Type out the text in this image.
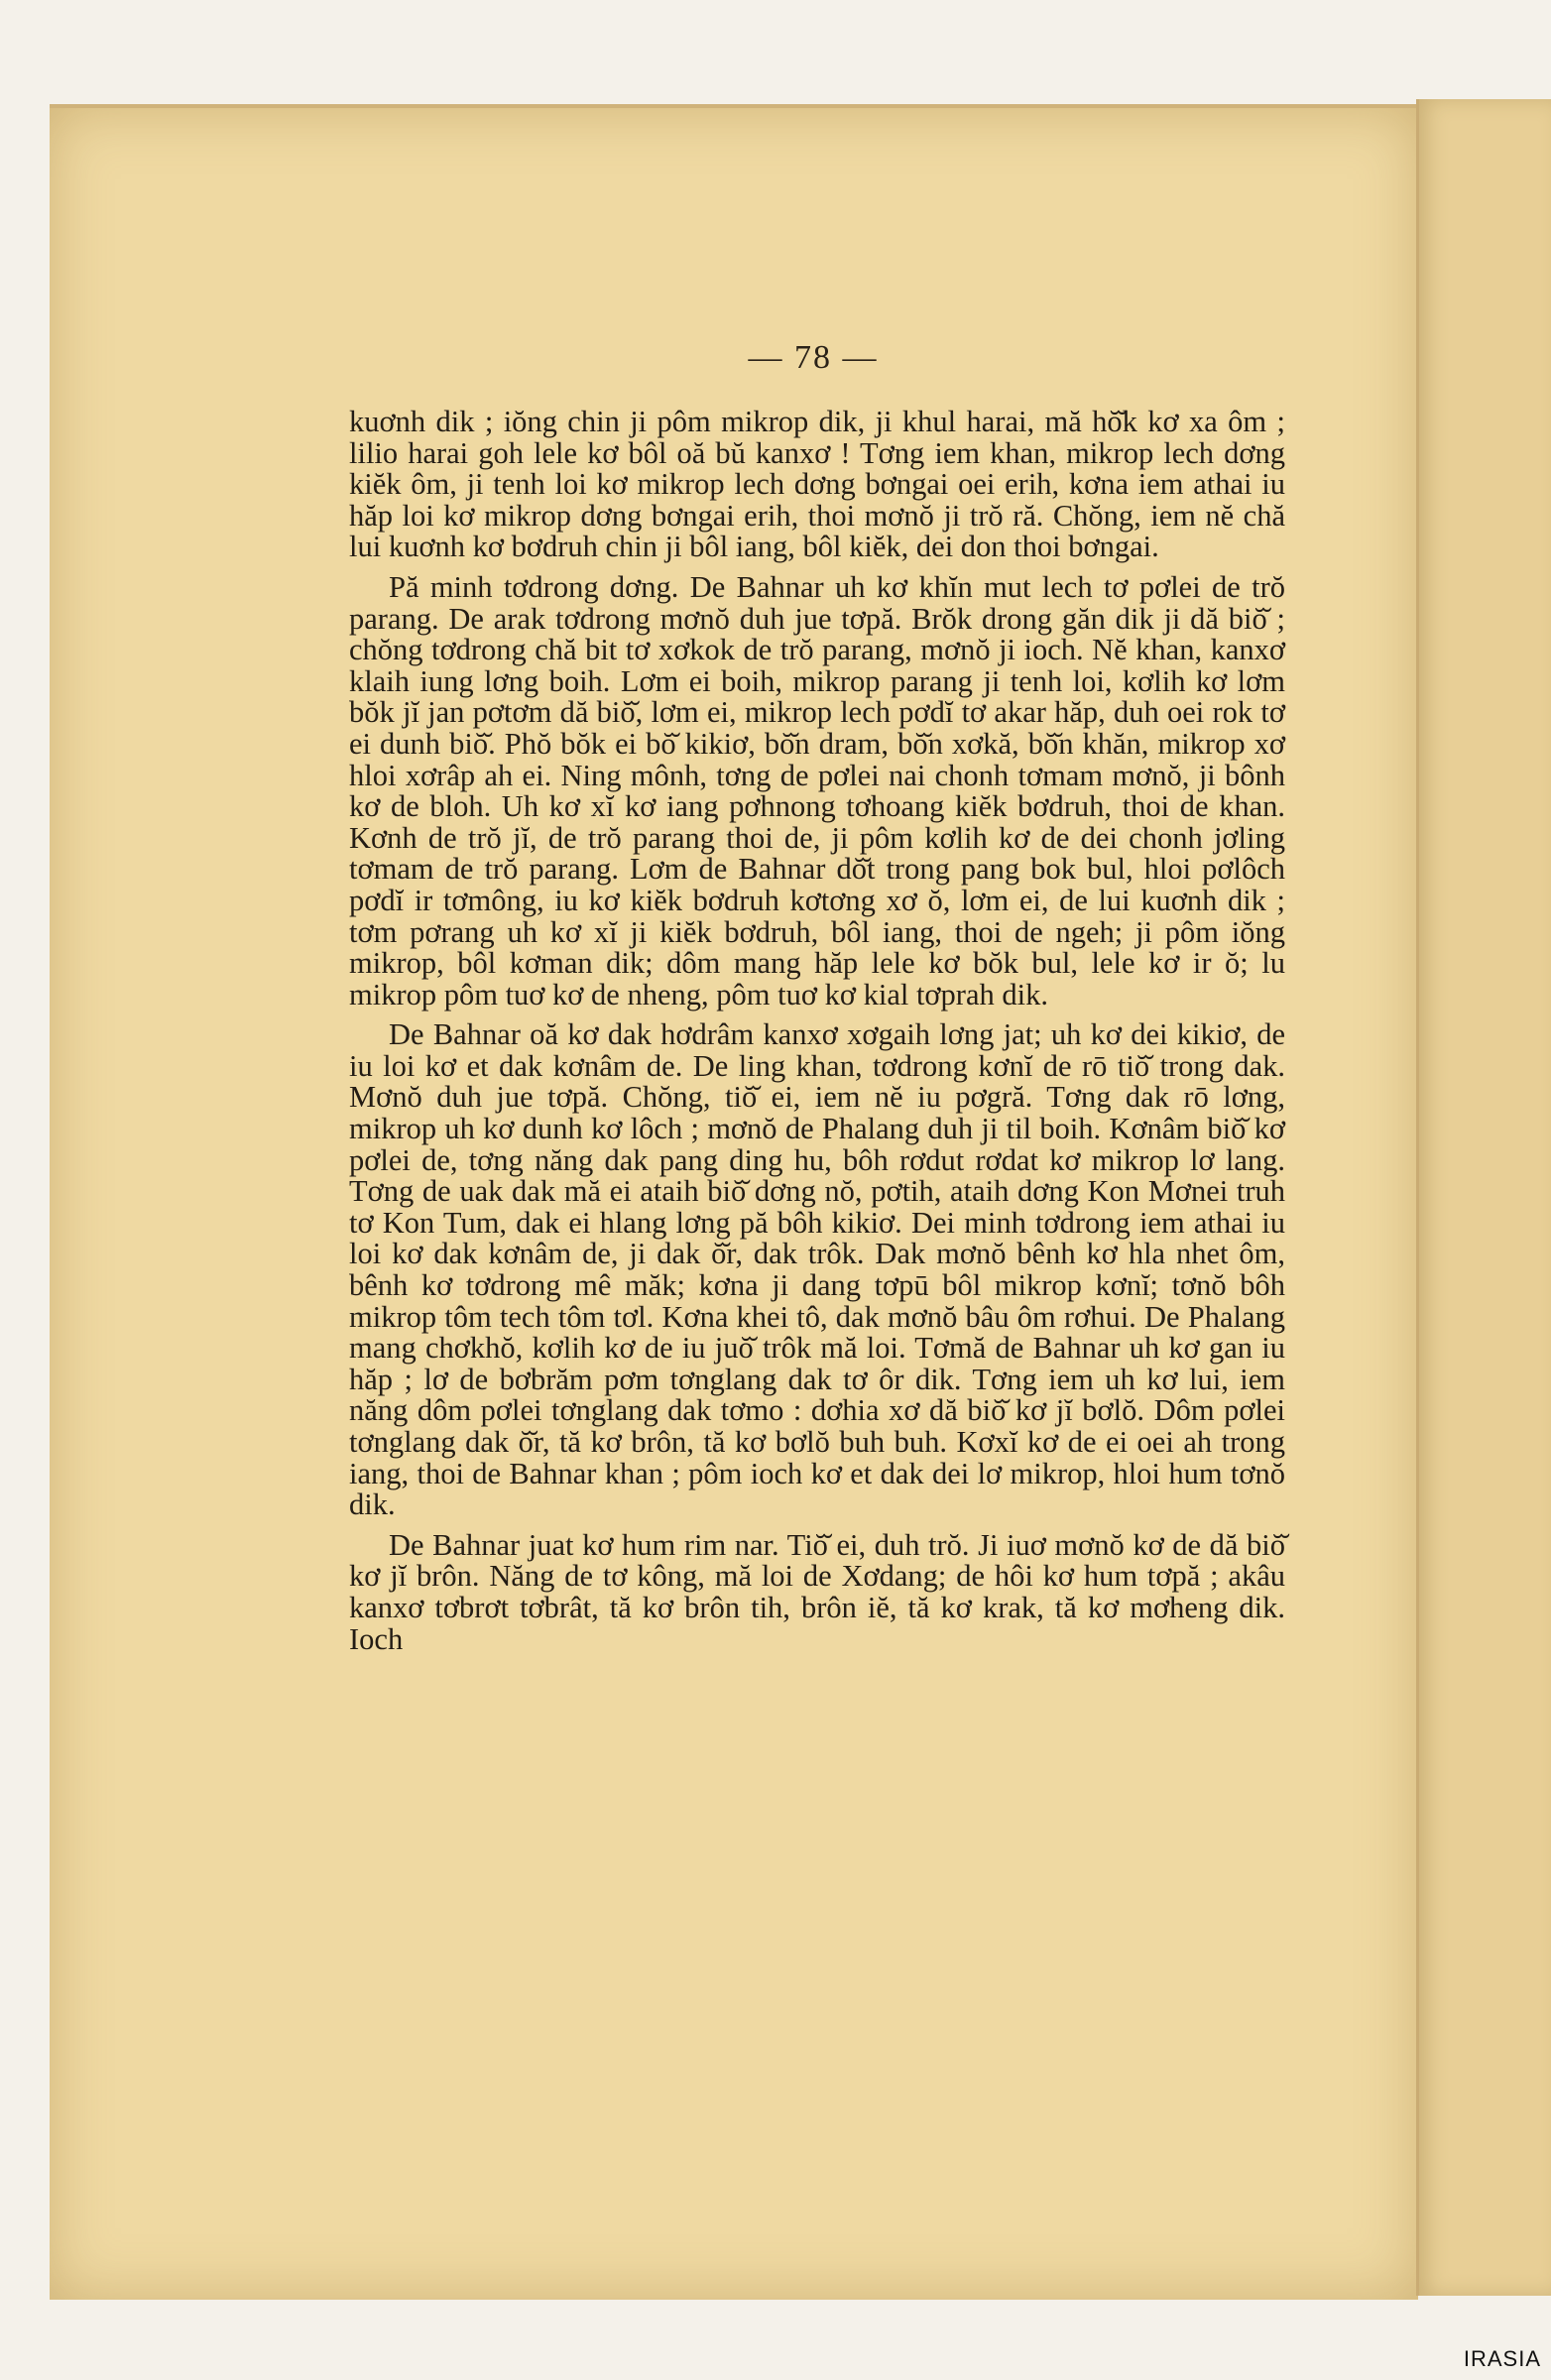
— 78 —

kuơnh dik ; iŏng chin ji pôm mikrop dik, ji khul harai, mă hŏ̆k kơ xa ôm ; lilio harai goh lele kơ bôl oă bŭ kanxơ ! Tơng iem khan, mikrop lech dơng kiĕk ôm, ji tenh loi kơ mikrop lech dơng bơngai oei erih, kơna iem athai iu hăp loi kơ mikrop dơng bơngai erih, thoi mơnŏ ji trŏ ră. Chŏng, iem nĕ chă lui kuơnh kơ bơdruh chin ji bôl iang, bôl kiĕk, dei don thoi bơngai.

Pă minh tơdrong dơng. De Bahnar uh kơ khĭn mut lech tơ pơlei de trŏ parang. De arak tơdrong mơnŏ duh jue tơpă. Brŏk drong găn dik ji dă biŏ̆ ; chŏng tơdrong chă bit tơ xơkok de trŏ parang, mơnŏ ji ioch. Nĕ khan, kanxơ klaih iung lơng boih. Lơm ei boih, mikrop parang ji tenh loi, kơlih kơ lơm bŏk jĭ jan pơtơm dă biŏ̆, lơm ei, mikrop lech pơdĭ tơ akar hăp, duh oei rok tơ ei dunh biŏ̆. Phŏ bŏk ei bŏ̆ kikiơ, bŏ̆n dram, bŏ̆n xơkă, bŏ̆n khăn, mikrop xơ hloi xơrâp ah ei. Ning mônh, tơng de pơlei nai chonh tơmam mơnŏ, ji bônh kơ de bloh. Uh kơ xĭ kơ iang pơhnong tơhoang kiĕk bơdruh, thoi de khan. Kơnh de trŏ jĭ, de trŏ parang thoi de, ji pôm kơlih kơ de dei chonh jơling tơmam de trŏ parang. Lơm de Bahnar dŏ̆t trong pang bok bul, hloi pơlôch pơdĭ ir tơmông, iu kơ kiĕk bơdruh kơtơng xơ ŏ, lơm ei, de lui kuơnh dik ; tơm pơrang uh kơ xĭ ji kiĕk bơdruh, bôl iang, thoi de ngeh; ji pôm iŏng mikrop, bôl kơman dik; dôm mang hăp lele kơ bŏk bul, lele kơ ir ŏ; lu mikrop pôm tuơ kơ de nheng, pôm tuơ kơ kial tơprah dik.

De Bahnar oă kơ dak hơdrâm kanxơ xơgaih lơng jat; uh kơ dei kikiơ, de iu loi kơ et dak kơnâm de. De ling khan, tơdrong kơnĭ de rō tiŏ̆ trong dak. Mơnŏ duh jue tơpă. Chŏng, tiŏ̆ ei, iem nĕ iu pơgră. Tơng dak rō lơng, mikrop uh kơ dunh kơ lôch ; mơnŏ de Phalang duh ji til boih. Kơnâm biŏ̆ kơ pơlei de, tơng năng dak pang ding hu, bôh rơdut rơdat kơ mikrop lơ lang. Tơng de uak dak mă ei ataih biŏ̆ dơng nŏ, pơtih, ataih dơng Kon Mơnei truh tơ Kon Tum, dak ei hlang lơng pă bôh kikiơ. Dei minh tơdrong iem athai iu loi kơ dak kơnâm de, ji dak ŏ̆r, dak trôk. Dak mơnŏ bênh kơ hla nhet ôm, bênh kơ tơdrong mê măk; kơna ji dang tơpū bôl mikrop kơnĭ; tơnŏ bôh mikrop tôm tech tôm tơl. Kơna khei tô, dak mơnŏ bâu ôm rơhui. De Phalang mang chơkhŏ, kơlih kơ de iu juŏ̆ trôk mă loi. Tơmă de Bahnar uh kơ gan iu hăp ; lơ de bơbrăm pơm tơnglang dak tơ ôr dik. Tơng iem uh kơ lui, iem năng dôm pơlei tơnglang dak tơmo : dơhia xơ dă biŏ̆ kơ jĭ bơlŏ. Dôm pơlei tơnglang dak ŏ̆r, tă kơ brôn, tă kơ bơlŏ buh buh. Kơxĭ kơ de ei oei ah trong iang, thoi de Bahnar khan ; pôm ioch kơ et dak dei lơ mikrop, hloi hum tơnŏ dik.

De Bahnar juat kơ hum rim nar. Tiŏ̆ ei, duh trŏ. Ji iuơ mơnŏ kơ de dă biŏ̆ kơ jĭ brôn. Năng de tơ kông, mă loi de Xơdang; de hôi kơ hum tơpă ; akâu kanxơ tơbrơt tơbrât, tă kơ brôn tih, brôn iĕ, tă kơ krak, tă kơ mơheng dik. Ioch

IRASIA
